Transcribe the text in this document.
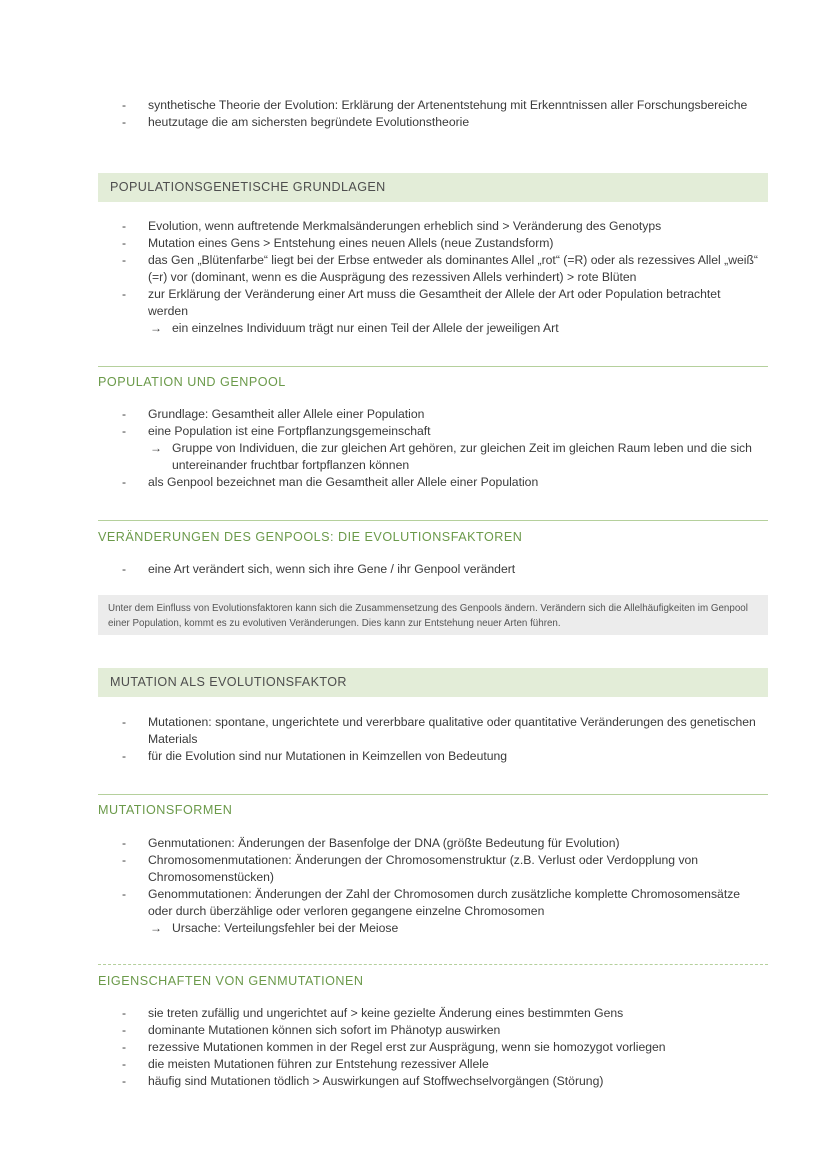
- synthetische Theorie der Evolution: Erklärung der Artenentstehung mit Erkenntnissen aller Forschungsbereiche
- heutzutage die am sichersten begründete Evolutionstheorie
POPULATIONSGENETISCHE GRUNDLAGEN
- Evolution, wenn auftretende Merkmalsänderungen erheblich sind > Veränderung des Genotyps
- Mutation eines Gens > Entstehung eines neuen Allels (neue Zustandsform)
- das Gen „Blütenfarbe“ liegt bei der Erbse entweder als dominantes Allel „rot“ (=R) oder als rezessives Allel „weiß“ (=r) vor (dominant, wenn es die Ausprägung des rezessiven Allels verhindert) > rote Blüten
- zur Erklärung der Veränderung einer Art muss die Gesamtheit der Allele der Art oder Population betrachtet werden
→ ein einzelnes Individuum trägt nur einen Teil der Allele der jeweiligen Art
POPULATION UND GENPOOL
- Grundlage: Gesamtheit aller Allele einer Population
- eine Population ist eine Fortpflanzungsgemeinschaft
→ Gruppe von Individuen, die zur gleichen Art gehören, zur gleichen Zeit im gleichen Raum leben und die sich untereinander fruchtbar fortpflanzen können
- als Genpool bezeichnet man die Gesamtheit aller Allele einer Population
VERÄNDERUNGEN DES GENPOOLS: DIE EVOLUTIONSFAKTOREN
- eine Art verändert sich, wenn sich ihre Gene / ihr Genpool verändert

Unter dem Einfluss von Evolutionsfaktoren kann sich die Zusammensetzung des Genpools ändern. Verändern sich die Allelhäufigkeiten im Genpool einer Population, kommt es zu evolutiven Veränderungen. Dies kann zur Entstehung neuer Arten führen.

MUTATION ALS EVOLUTIONSFAKTOR
- Mutationen: spontane, ungerichtete und vererbbare qualitative oder quantitative Veränderungen des genetischen Materials
- für die Evolution sind nur Mutationen in Keimzellen von Bedeutung
MUTATIONSFORMEN
- Genmutationen: Änderungen der Basenfolge der DNA (größte Bedeutung für Evolution)
- Chromosomenmutationen: Änderungen der Chromosomenstruktur (z.B. Verlust oder Verdopplung von Chromosomenstücken)
- Genommutationen: Änderungen der Zahl der Chromosomen durch zusätzliche komplette Chromosomensätze oder durch überzählige oder verloren gegangene einzelne Chromosomen
→ Ursache: Verteilungsfehler bei der Meiose
EIGENSCHAFTEN VON GENMUTATIONEN
- sie treten zufällig und ungerichtet auf > keine gezielte Änderung eines bestimmten Gens
- dominante Mutationen können sich sofort im Phänotyp auswirken
- rezessive Mutationen kommen in der Regel erst zur Ausprägung, wenn sie homozygot vorliegen
- die meisten Mutationen führen zur Entstehung rezessiver Allele
- häufig sind Mutationen tödlich > Auswirkungen auf Stoffwechselvorgängen (Störung)
